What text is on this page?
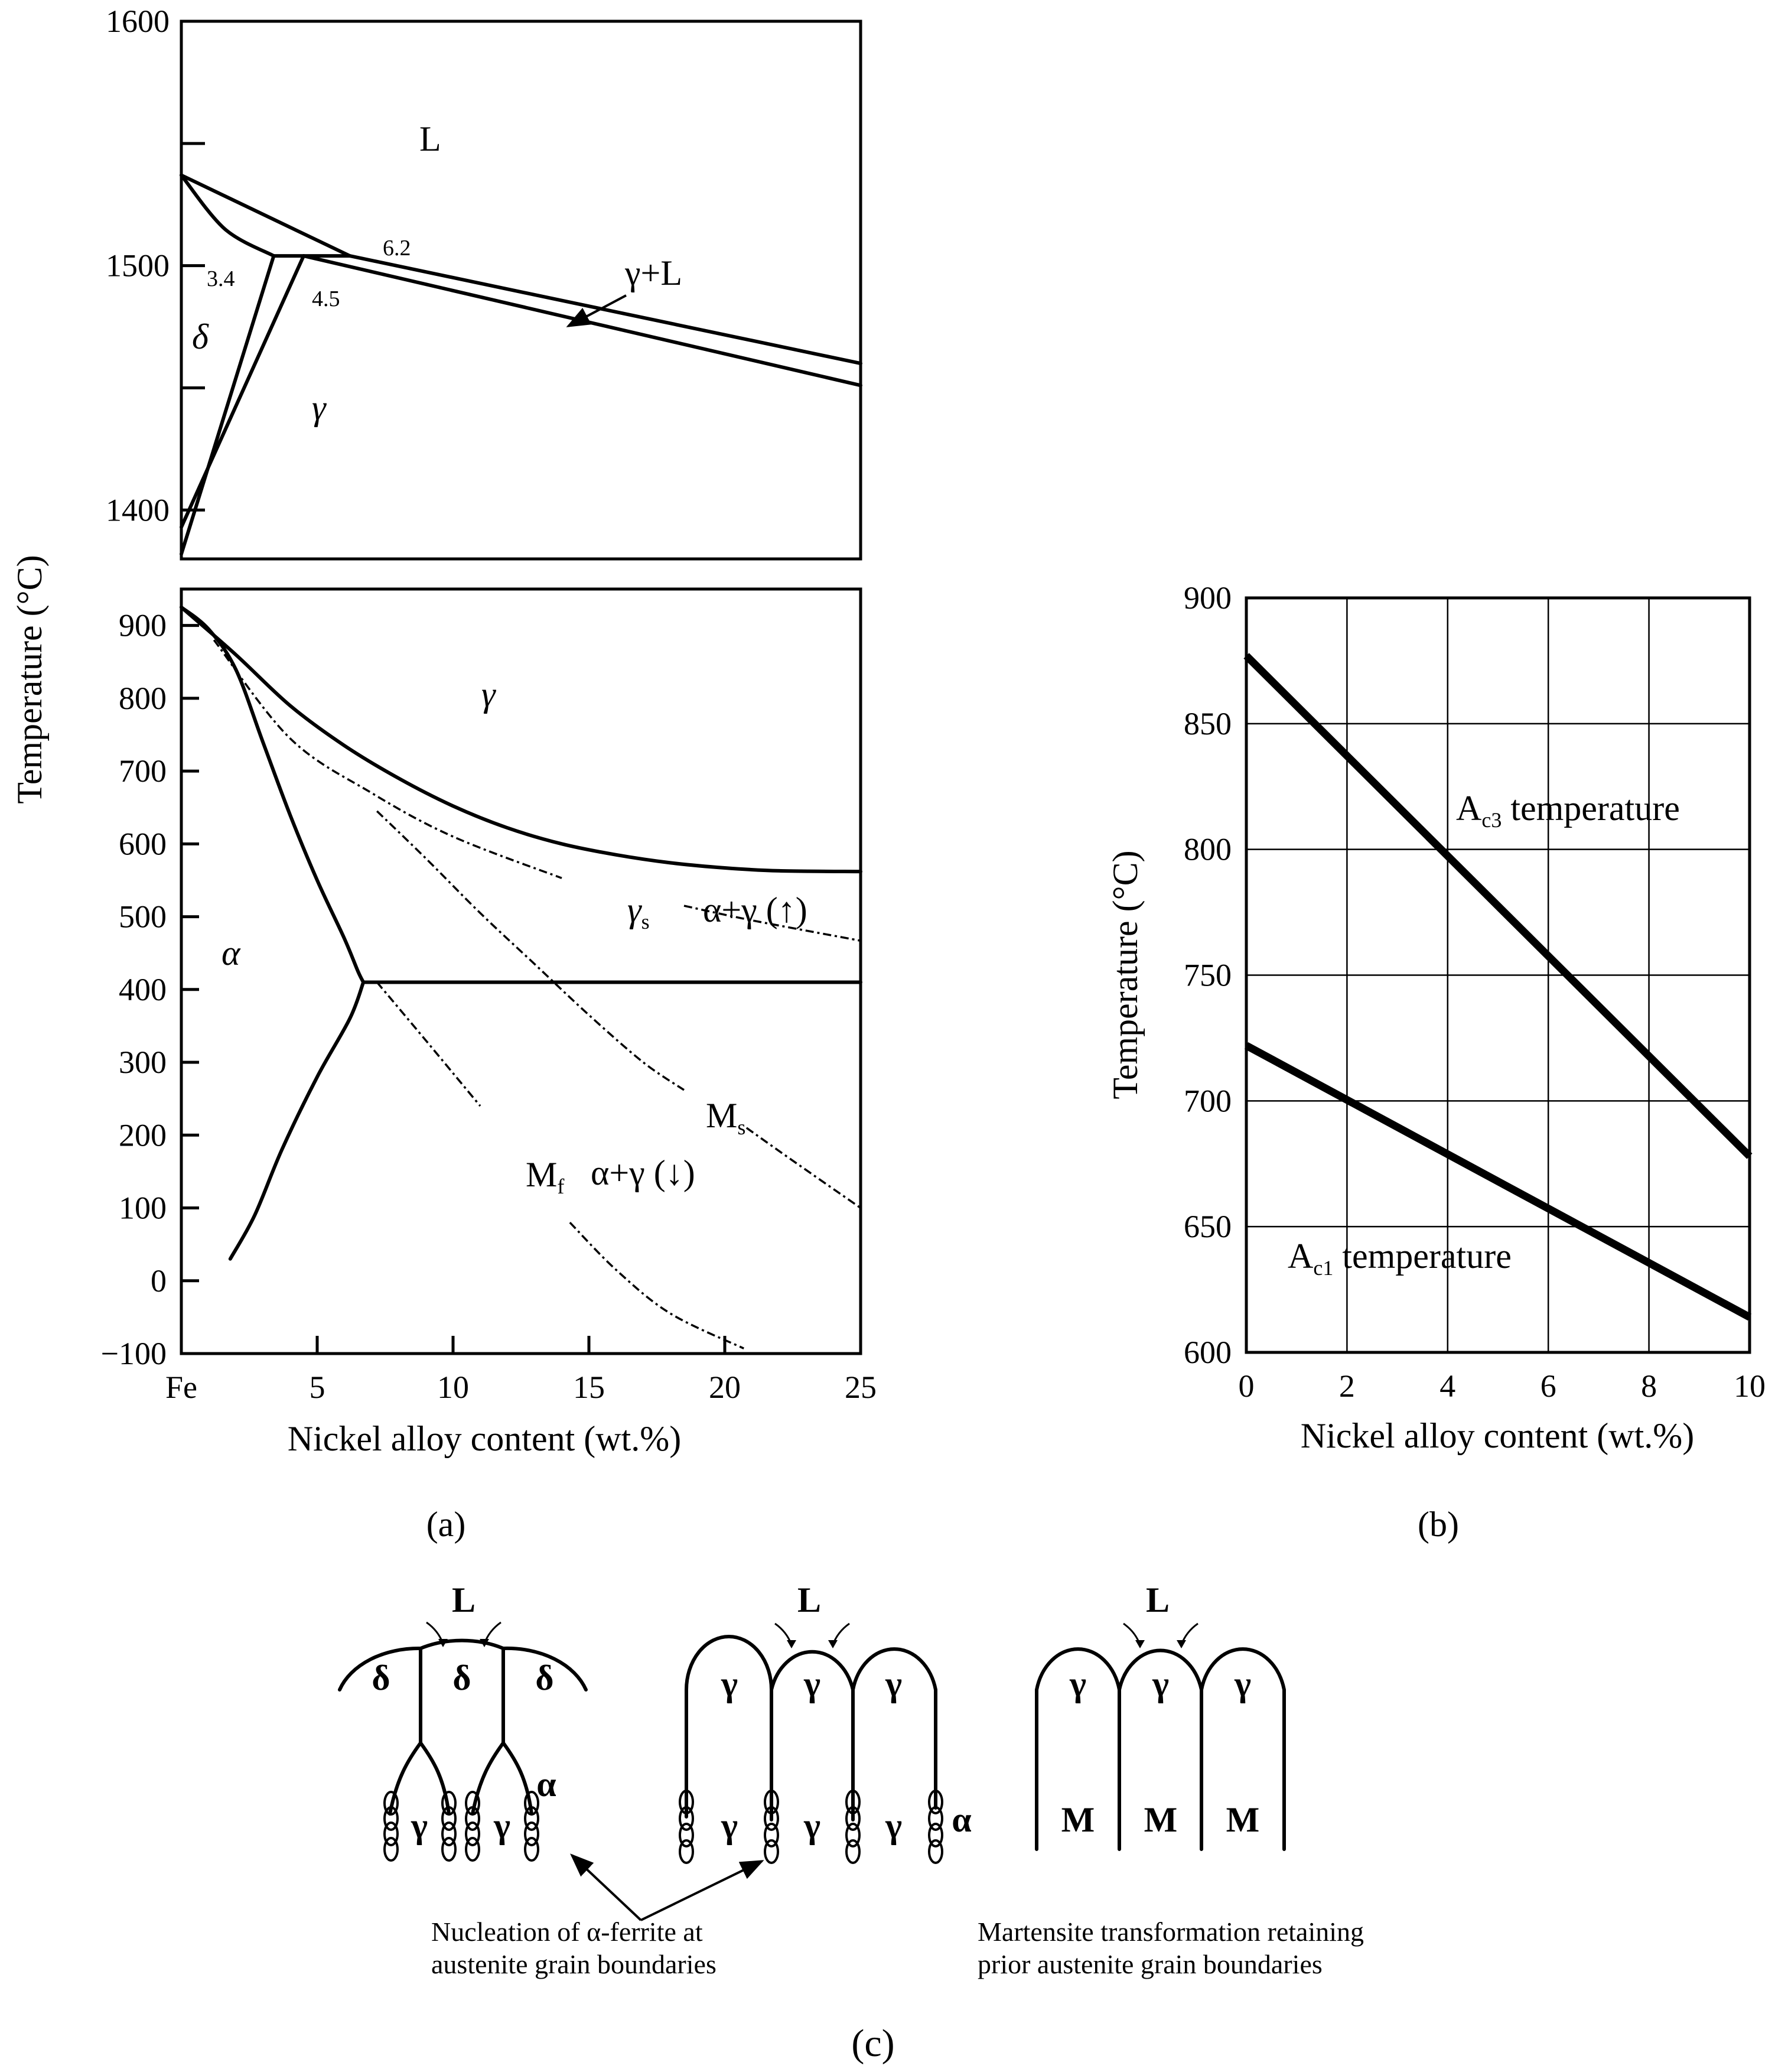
1400
1500
1600
900
800
700
600
500
400
300
200
100
0
−100
Fe	5	10	15	20	25
L
δ
γ
γ+L
3.4
4.5
6.2
γ
α
$\gamma_s$ α+γ (↑)
$M_s$
$M_f$ α+γ (↓)
Nickel alloy content (wt.%)
Temperature (°C)
(a)
900
850
800
750
700
650
600
0	2	4	6	8 10
$A_{c3}$ temperature
$A_{c1}$ temperature
Nickel alloy content (wt.%)
Temperature (°C)
(b)
L
δ δ δ
γ γ
α
L
γ γ γ
γ γ γ α
L
γ γ γ
M M M
Nucleation of α-ferrite at
austenite grain boundaries
Martensite transformation retaining
prior austenite grain boundaries
(c)
